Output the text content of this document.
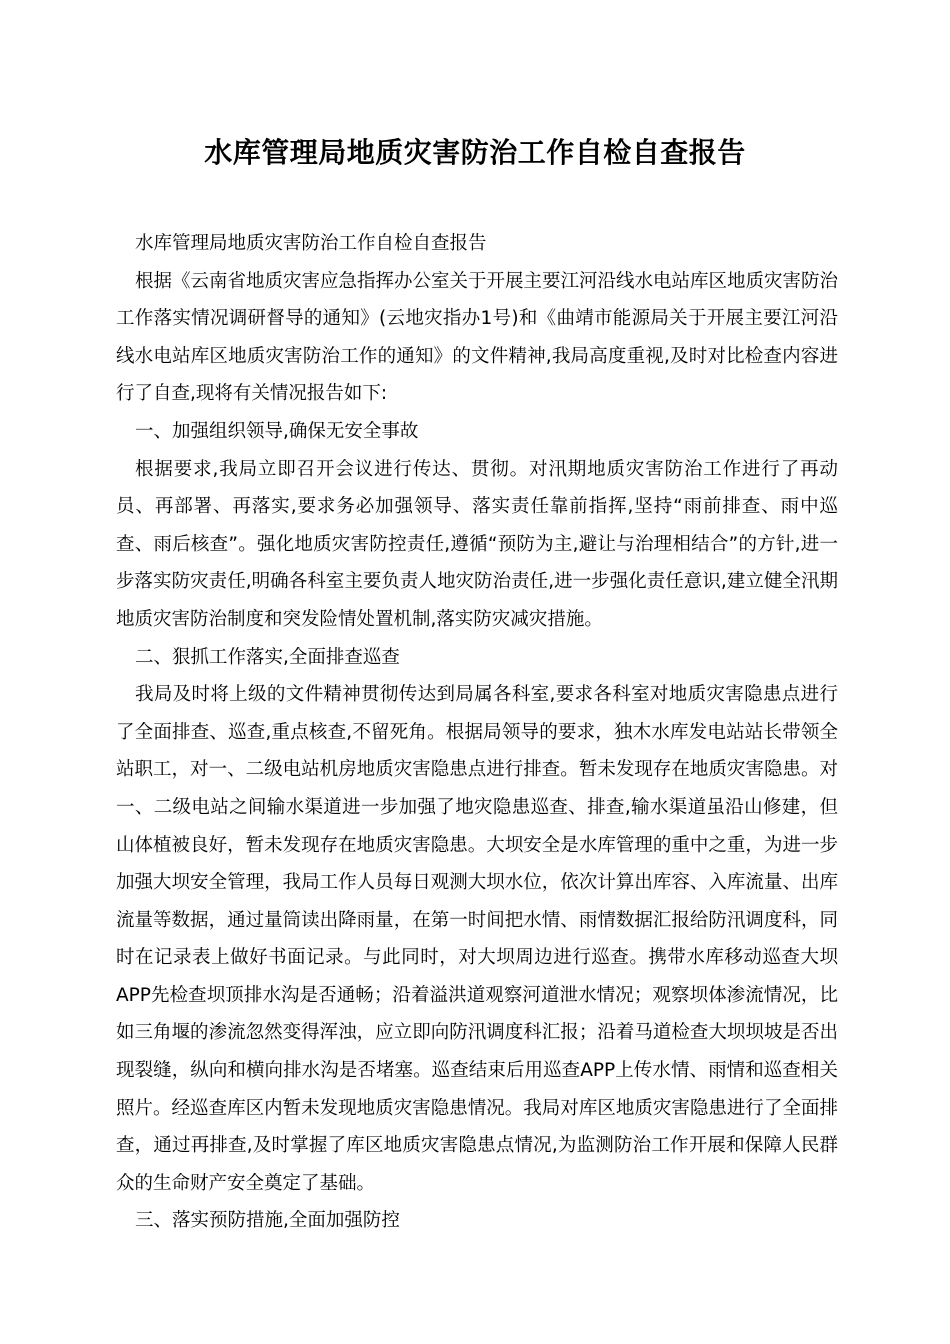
水库管理局地质灾害防治工作自检自查报告

水库管理局地质灾害防治工作自检自查报告

根据《云南省地质灾害应急指挥办公室关于开展主要江河沿线水电站库区地质灾害防治工作落实情况调研督导的通知》(云地灾指办1号)和《曲靖市能源局关于开展主要江河沿线水电站库区地质灾害防治工作的通知》的文件精神,我局高度重视,及时对比检查内容进行了自查,现将有关情况报告如下:

一、加强组织领导,确保无安全事故

根据要求,我局立即召开会议进行传达、贯彻。对汛期地质灾害防治工作进行了再动员、再部署、再落实,要求务必加强领导、落实责任靠前指挥,坚持“雨前排查、雨中巡查、雨后核查”。强化地质灾害防控责任,遵循“预防为主,避让与治理相结合”的方针,进一步落实防灾责任,明确各科室主要负责人地灾防治责任,进一步强化责任意识,建立健全汛期地质灾害防治制度和突发险情处置机制,落实防灾减灾措施。

二、狠抓工作落实,全面排查巡查

我局及时将上级的文件精神贯彻传达到局属各科室,要求各科室对地质灾害隐患点进行了全面排查、巡查,重点核查,不留死角。根据局领导的要求，独木水库发电站站长带领全站职工，对一、二级电站机房地质灾害隐患点进行排查。暂未发现存在地质灾害隐患。对一、二级电站之间输水渠道进一步加强了地灾隐患巡查、排查,输水渠道虽沿山修建，但山体植被良好，暂未发现存在地质灾害隐患。大坝安全是水库管理的重中之重，为进一步加强大坝安全管理，我局工作人员每日观测大坝水位，依次计算出库容、入库流量、出库流量等数据，通过量筒读出降雨量，在第一时间把水情、雨情数据汇报给防汛调度科，同时在记录表上做好书面记录。与此同时，对大坝周边进行巡查。携带水库移动巡查大坝APP先检查坝顶排水沟是否通畅；沿着溢洪道观察河道泄水情况；观察坝体渗流情况，比如三角堰的渗流忽然变得浑浊，应立即向防汛调度科汇报；沿着马道检查大坝坝坡是否出现裂缝，纵向和横向排水沟是否堵塞。巡查结束后用巡查APP上传水情、雨情和巡查相关照片。经巡查库区内暂未发现地质灾害隐患情况。我局对库区地质灾害隐患进行了全面排查，通过再排查,及时掌握了库区地质灾害隐患点情况,为监测防治工作开展和保障人民群众的生命财产安全奠定了基础。

三、落实预防措施,全面加强防控
